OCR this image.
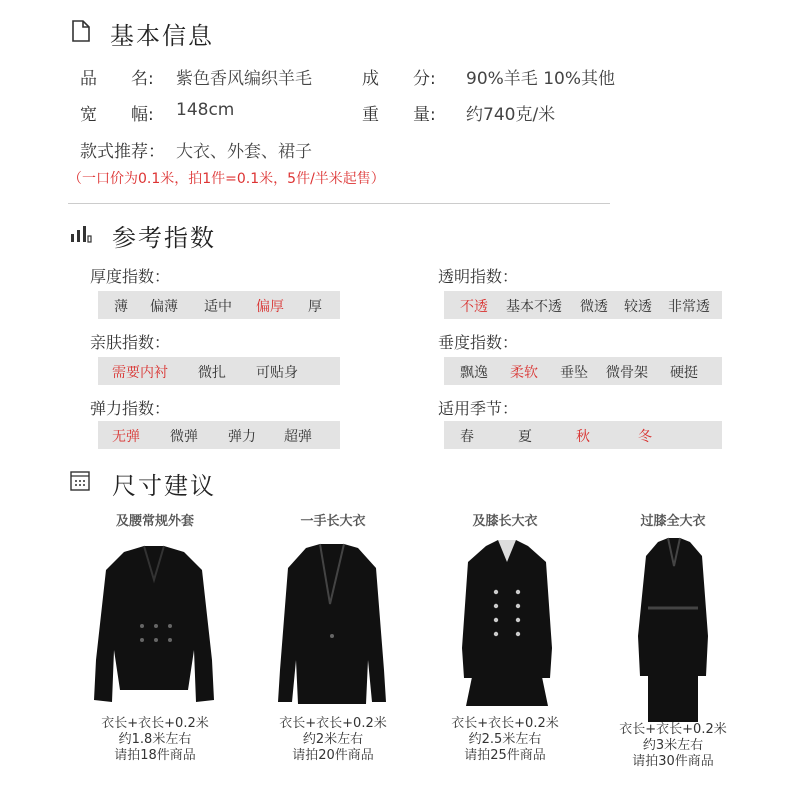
基本信息
品　　名: 紫色香风编织羊毛	成　　分: 90%羊毛 10%其他
宽　　幅: 148cm	重　　量: 约740克/米
款式推荐： 大衣、外套、裙子
（一口价为0.1米，拍1件=0.1米，5件/半米起售）
参考指数
厚度指数：
薄 偏薄 适中 偏厚 厚
透明指数：
不透 基本不透 微透 较透 非常透
亲肤指数：
需要内衬 微扎 可贴身
垂度指数：
飘逸 柔软 垂坠 微骨架 硬挺
弹力指数：
无弹 微弹 弹力 超弹
适用季节：
春	夏	秋	冬
尺寸建议
及腰常规外套
衣长+衣长+0.2米
约1.8米左右
请拍18件商品
一手长大衣
衣长+衣长+0.2米
约2米左右
请拍20件商品
及膝长大衣
衣长+衣长+0.2米
约2.5米左右
请拍25件商品
过膝全大衣
衣长+衣长+0.2米
约3米左右
请拍30件商品
